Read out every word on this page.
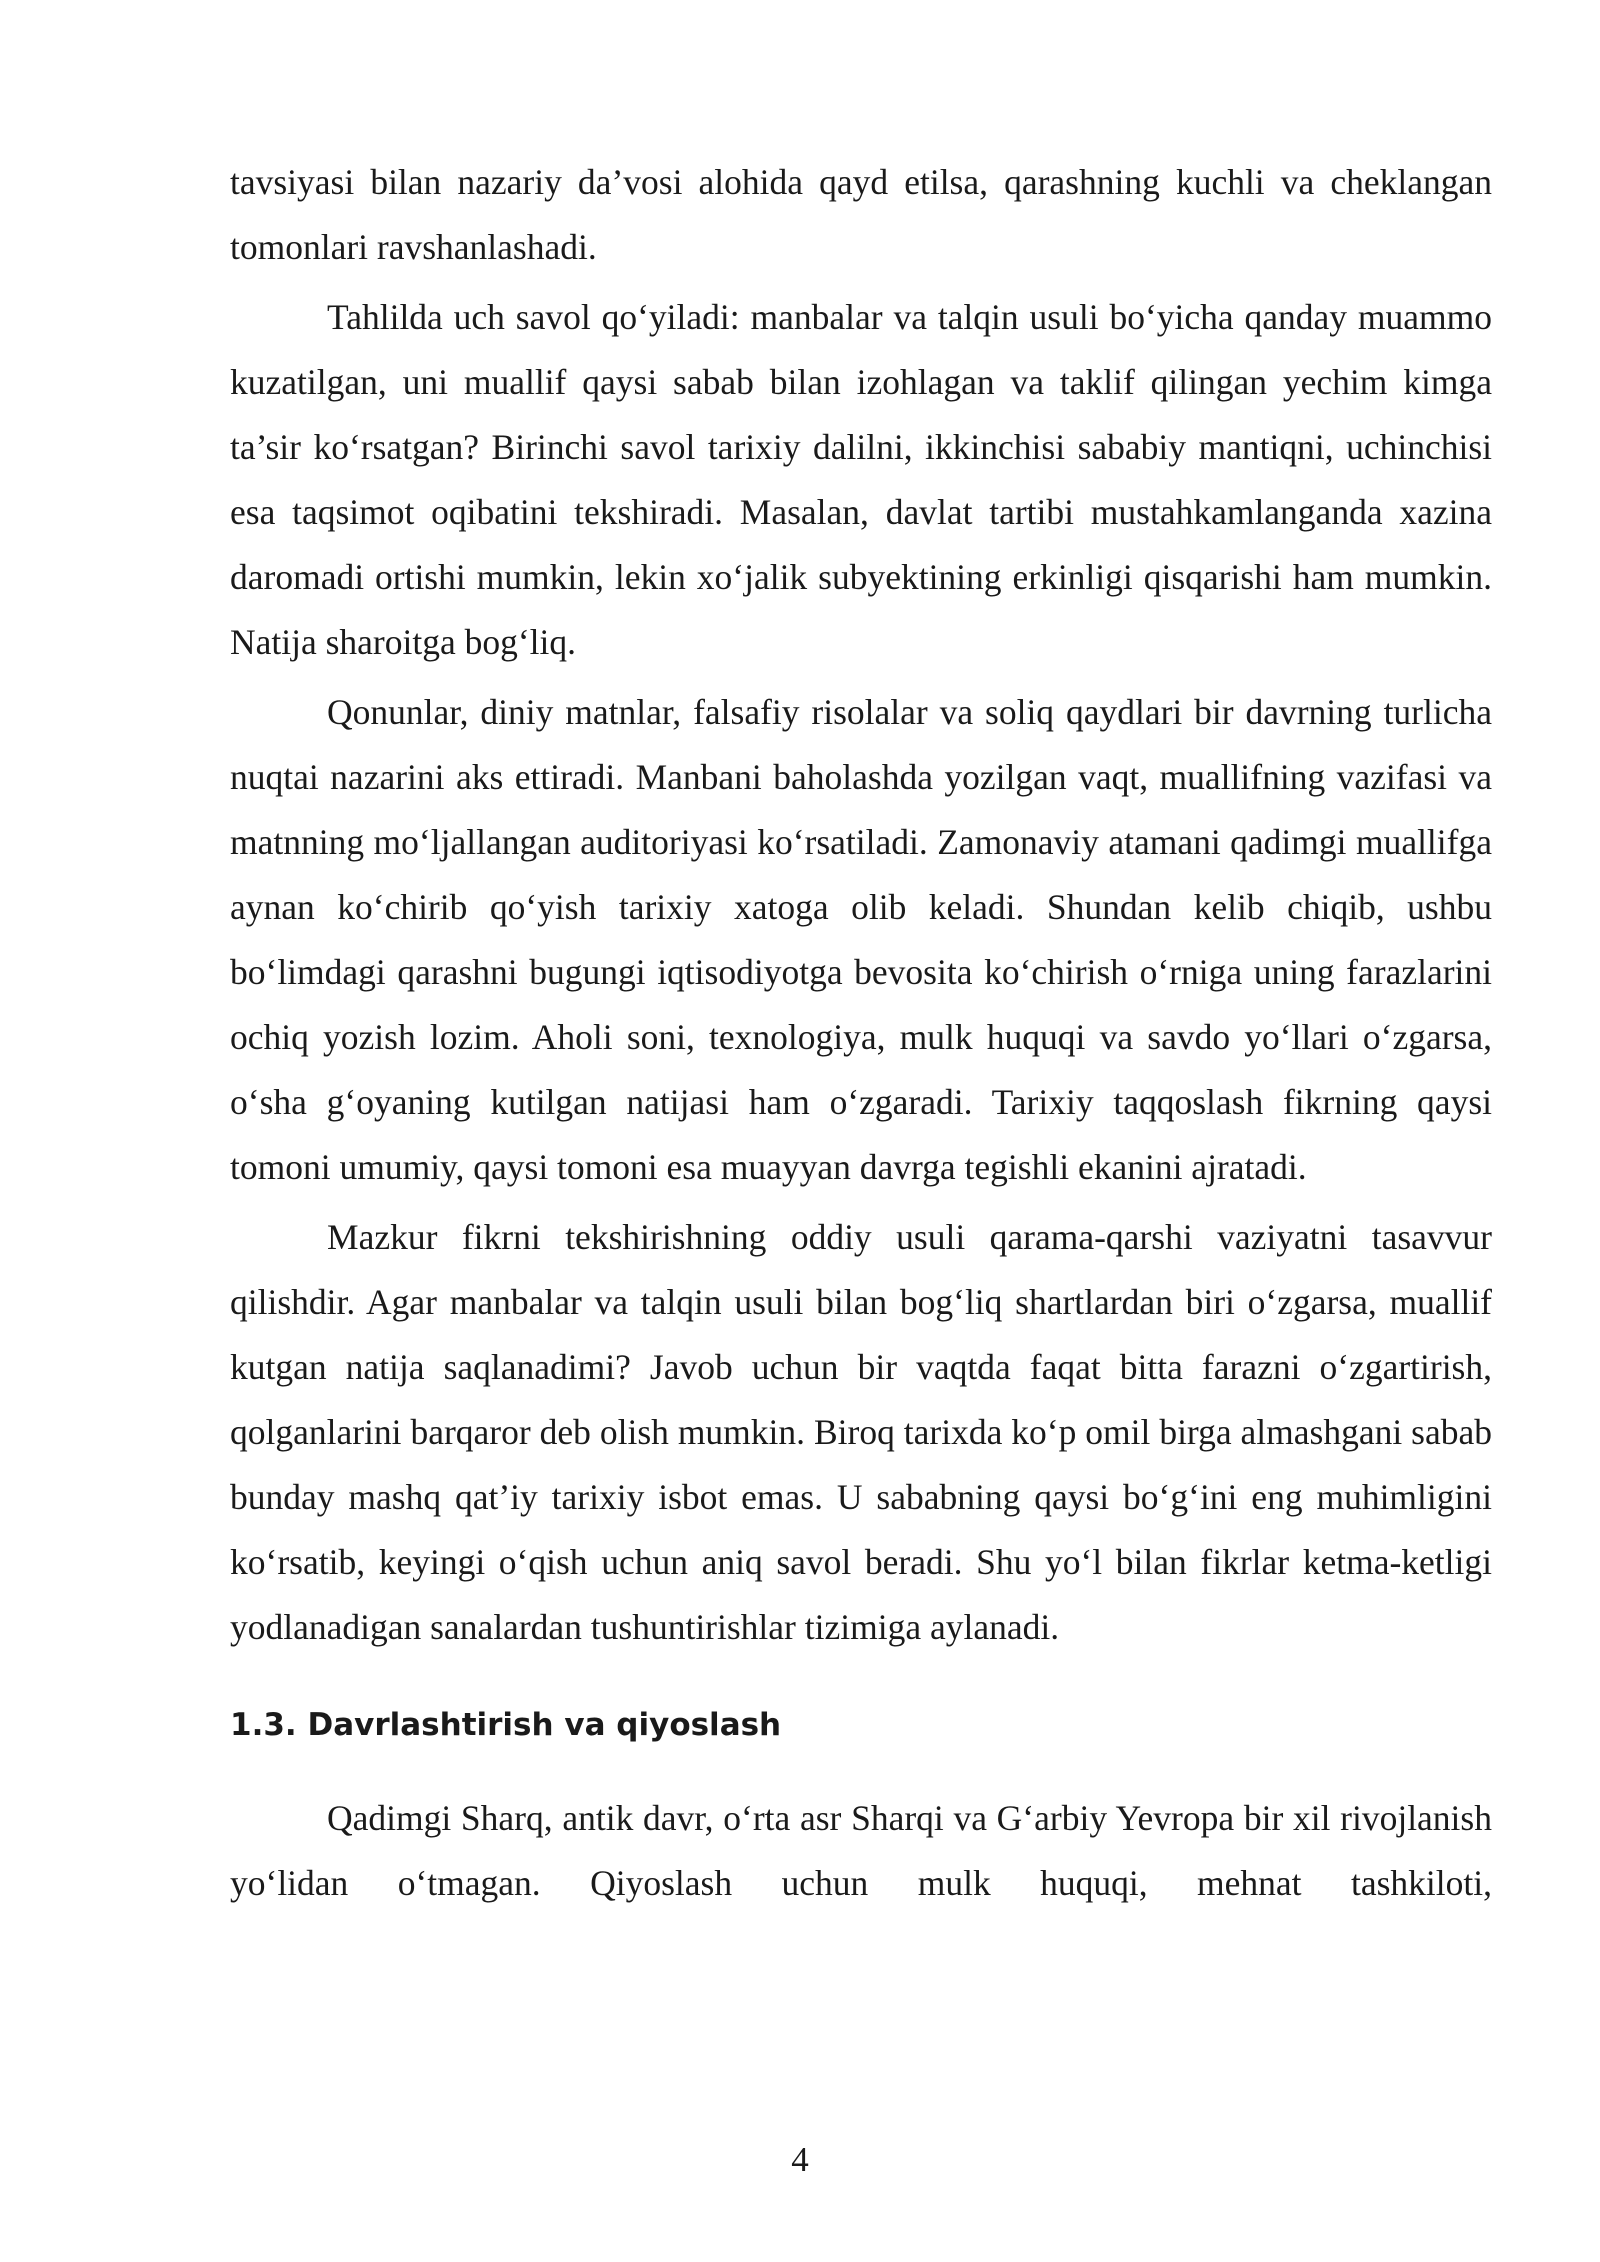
tavsiyasi bilan nazariy da’vosi alohida qayd etilsa, qarashning kuchli va cheklangan tomonlari ravshanlashadi.

Tahlilda uch savol qo‘yiladi: manbalar va talqin usuli bo‘yicha qanday muammo kuzatilgan, uni muallif qaysi sabab bilan izohlagan va taklif qilingan yechim kimga ta’sir ko‘rsatgan? Birinchi savol tarixiy dalilni, ikkinchisi sababiy mantiqni, uchinchisi esa taqsimot oqibatini tekshiradi. Masalan, davlat tartibi mustahkamlanganda xazina daromadi ortishi mumkin, lekin xo‘jalik subyektining erkinligi qisqarishi ham mumkin. Natija sharoitga bog‘liq.

Qonunlar, diniy matnlar, falsafiy risolalar va soliq qaydlari bir davrning turlicha nuqtai nazarini aks ettiradi. Manbani baholashda yozilgan vaqt, muallifning vazifasi va matnning mo‘ljallangan auditoriyasi ko‘rsatiladi. Zamonaviy atamani qadimgi muallifga aynan ko‘chirib qo‘yish tarixiy xatoga olib keladi. Shundan kelib chiqib, ushbu bo‘limdagi qarashni bugungi iqtisodiyotga bevosita ko‘chirish o‘rniga uning farazlarini ochiq yozish lozim. Aholi soni, texnologiya, mulk huquqi va savdo yo‘llari o‘zgarsa, o‘sha g‘oyaning kutilgan natijasi ham o‘zgaradi. Tarixiy taqqoslash fikrning qaysi tomoni umumiy, qaysi tomoni esa muayyan davrga tegishli ekanini ajratadi.

Mazkur fikrni tekshirishning oddiy usuli qarama-qarshi vaziyatni tasavvur qilishdir. Agar manbalar va talqin usuli bilan bog‘liq shartlardan biri o‘zgarsa, muallif kutgan natija saqlanadimi? Javob uchun bir vaqtda faqat bitta farazni o‘zgartirish, qolganlarini barqaror deb olish mumkin. Biroq tarixda ko‘p omil birga almashgani sabab bunday mashq qat’iy tarixiy isbot emas. U sababning qaysi bo‘g‘ini eng muhimligini ko‘rsatib, keyingi o‘qish uchun aniq savol beradi. Shu yo‘l bilan fikrlar ketma-ketligi yodlanadigan sanalardan tushuntirishlar tizimiga aylanadi.

1.3. Davrlashtirish va qiyoslash

Qadimgi Sharq, antik davr, o‘rta asr Sharqi va G‘arbiy Yevropa bir xil rivojlanish yo‘lidan o‘tmagan. Qiyoslash uchun mulk huquqi, mehnat tashkiloti,

4
